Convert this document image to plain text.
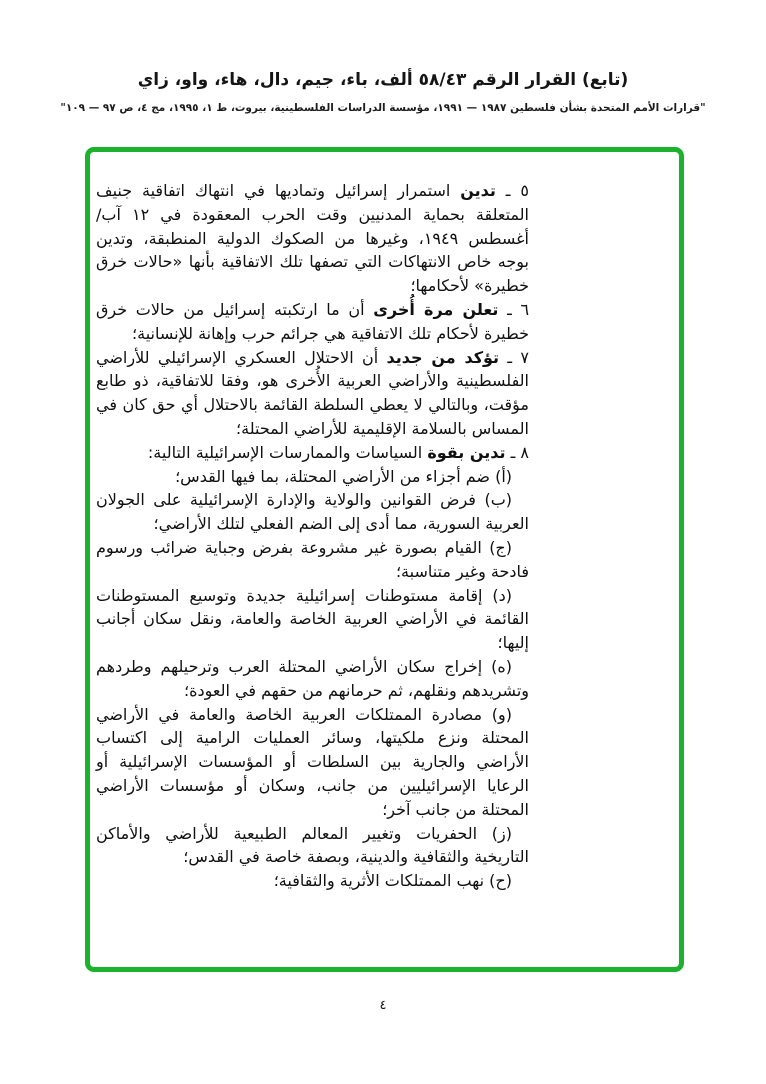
(تابع) القرار الرقم ٥٨/٤٣ ألف، باء، جيم، دال، هاء، واو، زاي
"قرارات الأمم المتحدة بشأن فلسطين ١٩٨٧ — ١٩٩١، مؤسسة الدراسات الفلسطينية، بيروت، ط ١، ١٩٩٥، مج ٤، ص ٩٧ — ١٠٩"

٥ ـ تدين استمرار إسرائيل وتماديها في انتهاك اتفاقية جنيف المتعلقة بحماية المدنيين وقت الحرب المعقودة في ١٢ آب/ أغسطس ١٩٤٩، وغيرها من الصكوك الدولية المنطبقة، وتدين بوجه خاص الانتهاكات التي تصفها تلك الاتفاقية بأنها «حالات خرق خطيرة» لأحكامها؛

٦ ـ تعلن مرة أُخرى أن ما ارتكبته إسرائيل من حالات خرق خطيرة لأحكام تلك الاتفاقية هي جرائم حرب وإهانة للإنسانية؛

٧ ـ تؤكد من جديد أن الاحتلال العسكري الإسرائيلي للأراضي الفلسطينية والأراضي العربية الأُخرى هو، وفقا للاتفاقية، ذو طابع مؤقت، وبالتالي لا يعطي السلطة القائمة بالاحتلال أي حق كان في المساس بالسلامة الإقليمية للأراضي المحتلة؛

٨ ـ تدين بقوة السياسات والممارسات الإسرائيلية التالية:

(أ) ضم أجزاء من الأراضي المحتلة، بما فيها القدس؛

(ب) فرض القوانين والولاية والإدارة الإسرائيلية على الجولان العربية السورية، مما أدى إلى الضم الفعلي لتلك الأراضي؛

(ج) القيام بصورة غير مشروعة بفرض وجباية ضرائب ورسوم فادحة وغير متناسبة؛

(د) إقامة مستوطنات إسرائيلية جديدة وتوسيع المستوطنات القائمة في الأراضي العربية الخاصة والعامة، ونقل سكان أجانب إليها؛

(ه) إخراج سكان الأراضي المحتلة العرب وترحيلهم وطردهم وتشريدهم ونقلهم، ثم حرمانهم من حقهم في العودة؛

(و) مصادرة الممتلكات العربية الخاصة والعامة في الأراضي المحتلة ونزع ملكيتها، وسائر العمليات الرامية إلى اكتساب الأراضي والجارية بين السلطات أو المؤسسات الإسرائيلية أو الرعايا الإسرائيليين من جانب، وسكان أو مؤسسات الأراضي المحتلة من جانب آخر؛

(ز) الحفريات وتغيير المعالم الطبيعية للأراضي والأماكن التاريخية والثقافية والدينية، وبصفة خاصة في القدس؛

(ح) نهب الممتلكات الأثرية والثقافية؛

٤
